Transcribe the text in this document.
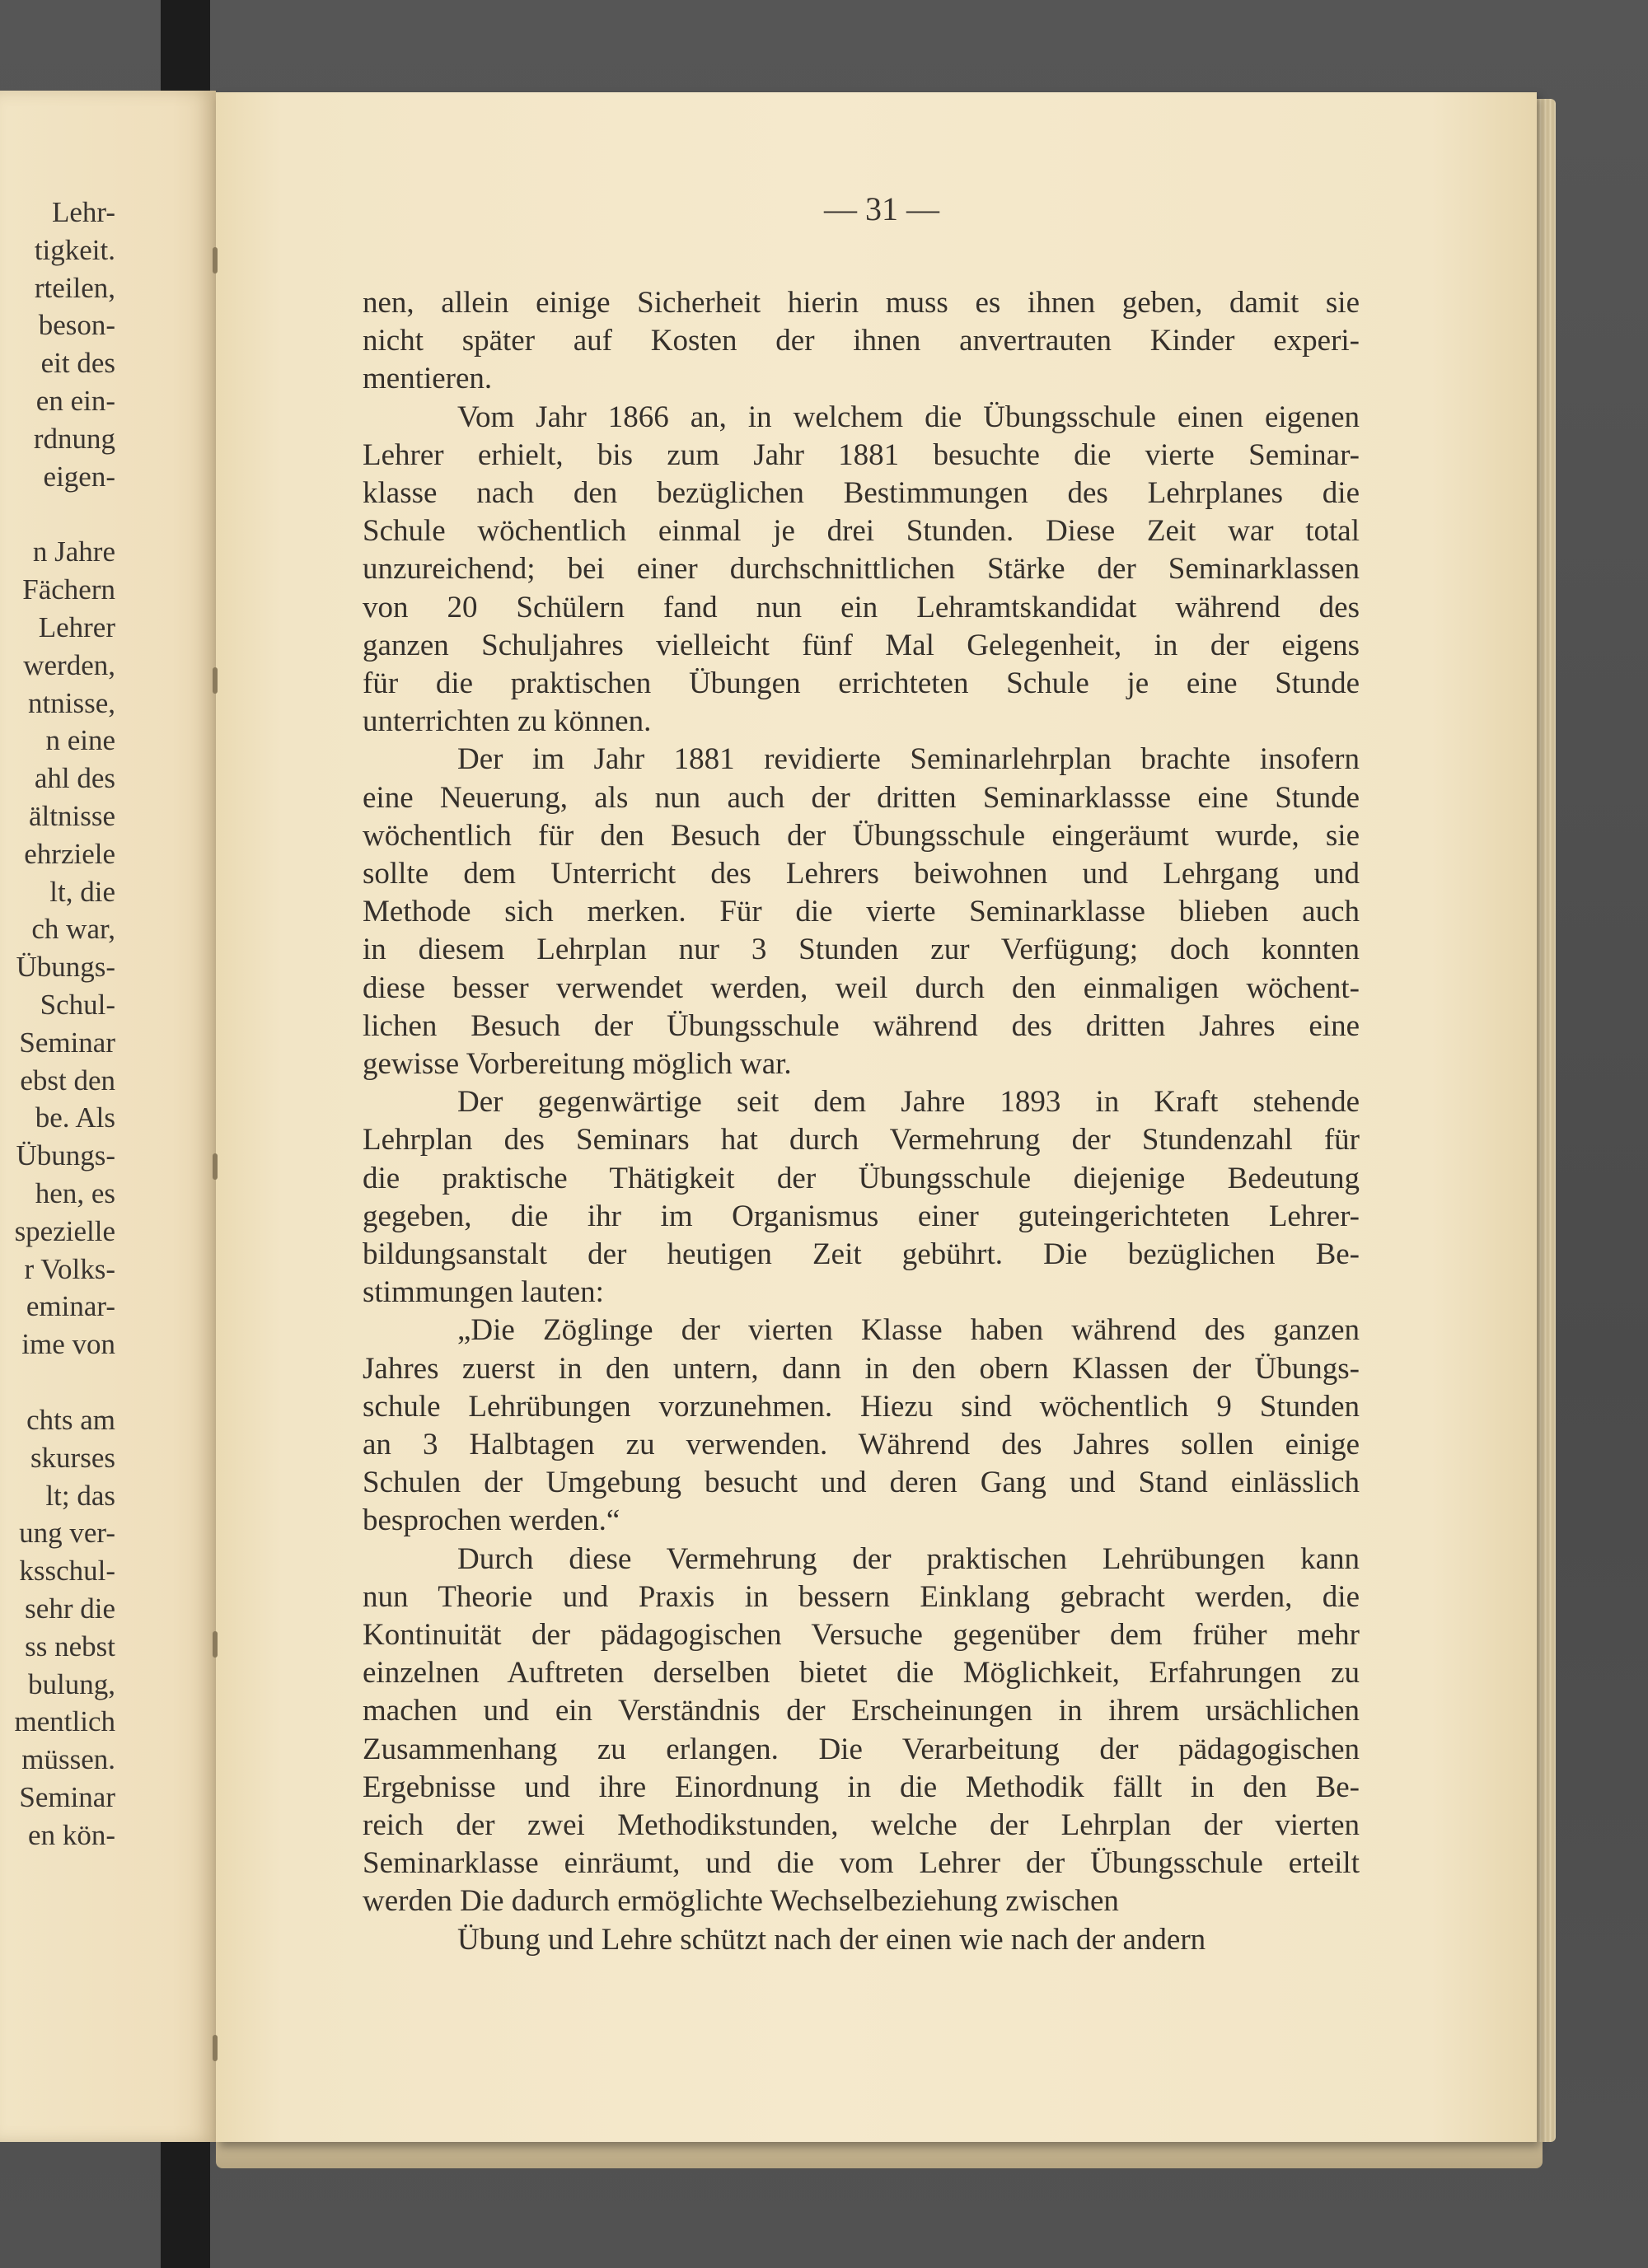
Lehr-
tigkeit.
rteilen,
beson-
eit des
en ein-
rdnung
eigen-
n Jahre
Fächern
Lehrer
werden,
ntnisse,
n eine
ahl des
ältnisse
ehrziele
lt, die
ch war,
Übungs-
Schul-
Seminar
ebst den
be. Als
Übungs-
hen, es
spezielle
r Volks-
eminar-
ime von
chts am
skurses
lt; das
ung ver-
ksschul-
sehr die
ss nebst
bulung,
mentlich
müssen.
Seminar
en kön-
— 31 —
nen, allein einige Sicherheit hierin muss es ihnen geben, damit sie
nicht später auf Kosten der ihnen anvertrauten Kinder experi-
mentieren.
Vom Jahr 1866 an, in welchem die Übungsschule einen eigenen
Lehrer erhielt, bis zum Jahr 1881 besuchte die vierte Seminar-
klasse nach den bezüglichen Bestimmungen des Lehrplanes die
Schule wöchentlich einmal je drei Stunden. Diese Zeit war total
unzureichend; bei einer durchschnittlichen Stärke der Seminarklassen
von 20 Schülern fand nun ein Lehramtskandidat während des
ganzen Schuljahres vielleicht fünf Mal Gelegenheit, in der eigens
für die praktischen Übungen errichteten Schule je eine Stunde
unterrichten zu können.
Der im Jahr 1881 revidierte Seminarlehrplan brachte insofern
eine Neuerung, als nun auch der dritten Seminarklassse eine Stunde
wöchentlich für den Besuch der Übungsschule eingeräumt wurde, sie
sollte dem Unterricht des Lehrers beiwohnen und Lehrgang und
Methode sich merken. Für die vierte Seminarklasse blieben auch
in diesem Lehrplan nur 3 Stunden zur Verfügung; doch konnten
diese besser verwendet werden, weil durch den einmaligen wöchent-
lichen Besuch der Übungsschule während des dritten Jahres eine
gewisse Vorbereitung möglich war.
Der gegenwärtige seit dem Jahre 1893 in Kraft stehende
Lehrplan des Seminars hat durch Vermehrung der Stundenzahl für
die praktische Thätigkeit der Übungsschule diejenige Bedeutung
gegeben, die ihr im Organismus einer guteingerichteten Lehrer-
bildungsanstalt der heutigen Zeit gebührt. Die bezüglichen Be-
stimmungen lauten:
„Die Zöglinge der vierten Klasse haben während des ganzen
Jahres zuerst in den untern, dann in den obern Klassen der Übungs-
schule Lehrübungen vorzunehmen. Hiezu sind wöchentlich 9 Stunden
an 3 Halbtagen zu verwenden. Während des Jahres sollen einige
Schulen der Umgebung besucht und deren Gang und Stand einlässlich
besprochen werden.“
Durch diese Vermehrung der praktischen Lehrübungen kann
nun Theorie und Praxis in bessern Einklang gebracht werden, die
Kontinuität der pädagogischen Versuche gegenüber dem früher mehr
einzelnen Auftreten derselben bietet die Möglichkeit, Erfahrungen zu
machen und ein Verständnis der Erscheinungen in ihrem ursächlichen
Zusammenhang zu erlangen. Die Verarbeitung der pädagogischen
Ergebnisse und ihre Einordnung in die Methodik fällt in den Be-
reich der zwei Methodikstunden, welche der Lehrplan der vierten
Seminarklasse einräumt, und die vom Lehrer der Übungsschule erteilt
werden Die dadurch ermöglichte Wechselbeziehung zwischen
Übung und Lehre schützt nach der einen wie nach der andern
